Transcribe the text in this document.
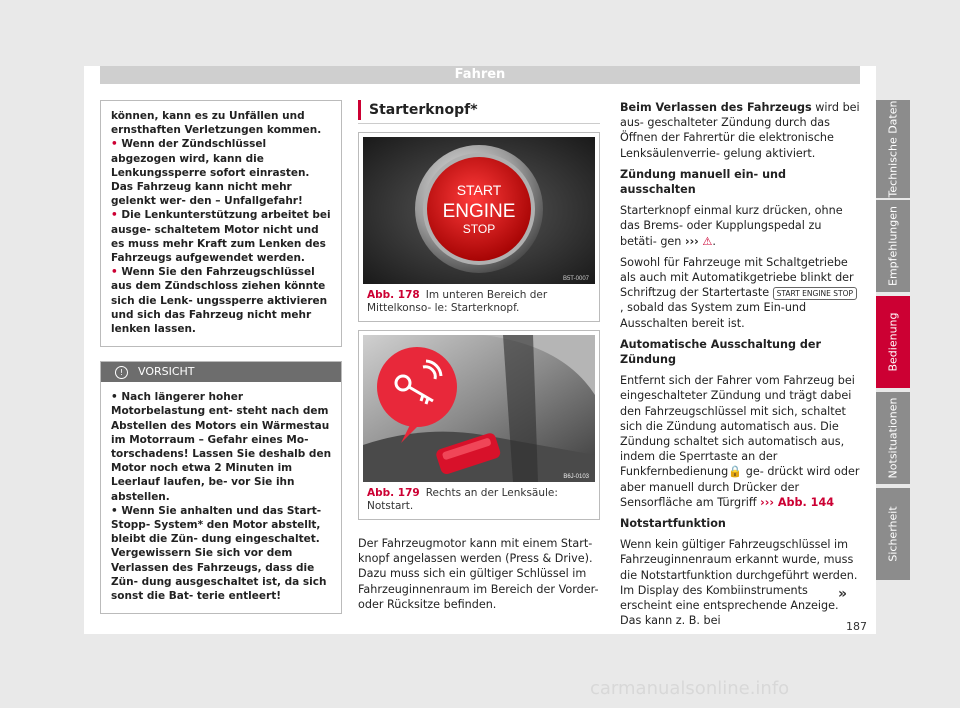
Fahren

können, kann es zu Unfällen und ernsthaften Verletzungen kommen.

• Wenn der Zündschlüssel abgezogen wird, kann die Lenkungssperre sofort einrasten. Das Fahrzeug kann nicht mehr gelenkt wer- den – Unfallgefahr!

• Die Lenkunterstützung arbeitet bei ausge- schaltetem Motor nicht und es muss mehr Kraft zum Lenken des Fahrzeugs aufgewendet werden.

• Wenn Sie den Fahrzeugschlüssel aus dem Zündschloss ziehen könnte sich die Lenk- ungssperre aktivieren und sich das Fahrzeug nicht mehr lenken lassen.

! VORSICHT

• Nach längerer hoher Motorbelastung ent- steht nach dem Abstellen des Motors ein Wärmestau im Motorraum – Gefahr eines Mo- torschadens! Lassen Sie deshalb den Motor noch etwa 2 Minuten im Leerlauf laufen, be- vor Sie ihn abstellen.

• Wenn Sie anhalten und das Start-Stopp- System* den Motor abstellt, bleibt die Zün- dung eingeschaltet. Vergewissern Sie sich vor dem Verlassen des Fahrzeugs, dass die Zün- dung ausgeschaltet ist, da sich sonst die Bat- terie entleert!

Starterknopf*
START
ENGINE
STOP
B5T-0007
Abb. 178 Im unteren Bereich der Mittelkonso- le: Starterknopf.
B6J-0103
Abb. 179 Rechts an der Lenksäule: Notstart.

Der Fahrzeugmotor kann mit einem Start- knopf angelassen werden (Press & Drive). Dazu muss sich ein gültiger Schlüssel im Fahrzeuginnenraum im Bereich der Vorder- oder Rücksitze befinden.

Beim Verlassen des Fahrzeugs wird bei aus- geschalteter Zündung durch das Öffnen der Fahrertür die elektronische Lenksäulenverrie- gelung aktiviert.

Zündung manuell ein- und ausschalten

Starterknopf einmal kurz drücken, ohne das Brems- oder Kupplungspedal zu betäti- gen ››› ⚠.

Sowohl für Fahrzeuge mit Schaltgetriebe als auch mit Automatikgetriebe blinkt der Schriftzug der Startertaste START ENGINE STOP, sobald das System zum Ein-und Ausschalten bereit ist.

Automatische Ausschaltung der Zündung

Entfernt sich der Fahrer vom Fahrzeug bei eingeschalteter Zündung und trägt dabei den Fahrzeugschlüssel mit sich, schaltet sich die Zündung automatisch aus. Die Zündung schaltet sich automatisch aus, indem die Sperrtaste an der Funkfernbedienung🔒 ge- drückt wird oder aber manuell durch Drücker der Sensorfläche am Türgriff ››› Abb. 144

Notstartfunktion

Wenn kein gültiger Fahrzeugschlüssel im Fahrzeuginnenraum erkannt wurde, muss die Notstartfunktion durchgeführt werden. Im Display des Kombiinstruments erscheint eine entsprechende Anzeige. Das kann z. B. bei

»
187
Technische Daten
Empfehlungen
Bedienung
Notsituationen
Sicherheit
carmanualsonline.info
